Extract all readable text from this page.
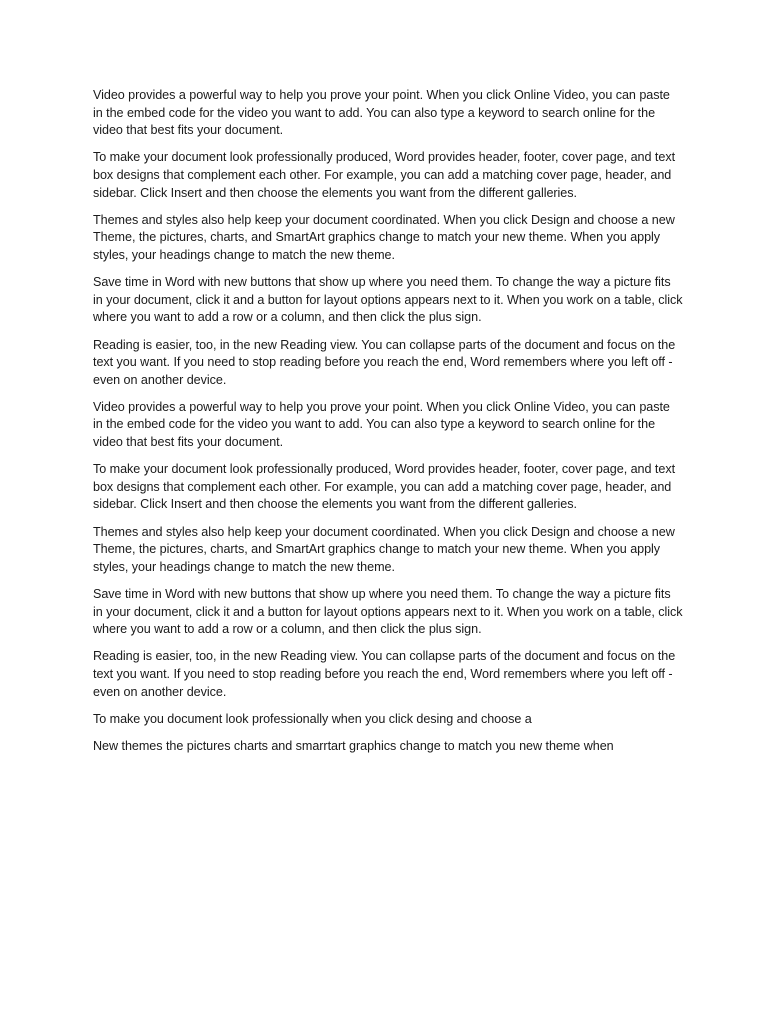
Video provides a powerful way to help you prove your point. When you click Online Video, you can paste in the embed code for the video you want to add. You can also type a keyword to search online for the video that best fits your document.

To make your document look professionally produced, Word provides header, footer, cover page, and text box designs that complement each other. For example, you can add a matching cover page, header, and sidebar. Click Insert and then choose the elements you want from the different galleries.

Themes and styles also help keep your document coordinated. When you click Design and choose a new Theme, the pictures, charts, and SmartArt graphics change to match your new theme. When you apply styles, your headings change to match the new theme.

Save time in Word with new buttons that show up where you need them. To change the way a picture fits in your document, click it and a button for layout options appears next to it. When you work on a table, click where you want to add a row or a column, and then click the plus sign.

Reading is easier, too, in the new Reading view. You can collapse parts of the document and focus on the text you want. If you need to stop reading before you reach the end, Word remembers where you left off - even on another device.

Video provides a powerful way to help you prove your point. When you click Online Video, you can paste in the embed code for the video you want to add. You can also type a keyword to search online for the video that best fits your document.

To make your document look professionally produced, Word provides header, footer, cover page, and text box designs that complement each other. For example, you can add a matching cover page, header, and sidebar. Click Insert and then choose the elements you want from the different galleries.

Themes and styles also help keep your document coordinated. When you click Design and choose a new Theme, the pictures, charts, and SmartArt graphics change to match your new theme. When you apply styles, your headings change to match the new theme.

Save time in Word with new buttons that show up where you need them. To change the way a picture fits in your document, click it and a button for layout options appears next to it. When you work on a table, click where you want to add a row or a column, and then click the plus sign.

Reading is easier, too, in the new Reading view. You can collapse parts of the document and focus on the text you want. If you need to stop reading before you reach the end, Word remembers where you left off - even on another device.

To make you document look professionally when you click desing and choose a

New themes the pictures charts and smarrtart graphics change to match you new theme when
